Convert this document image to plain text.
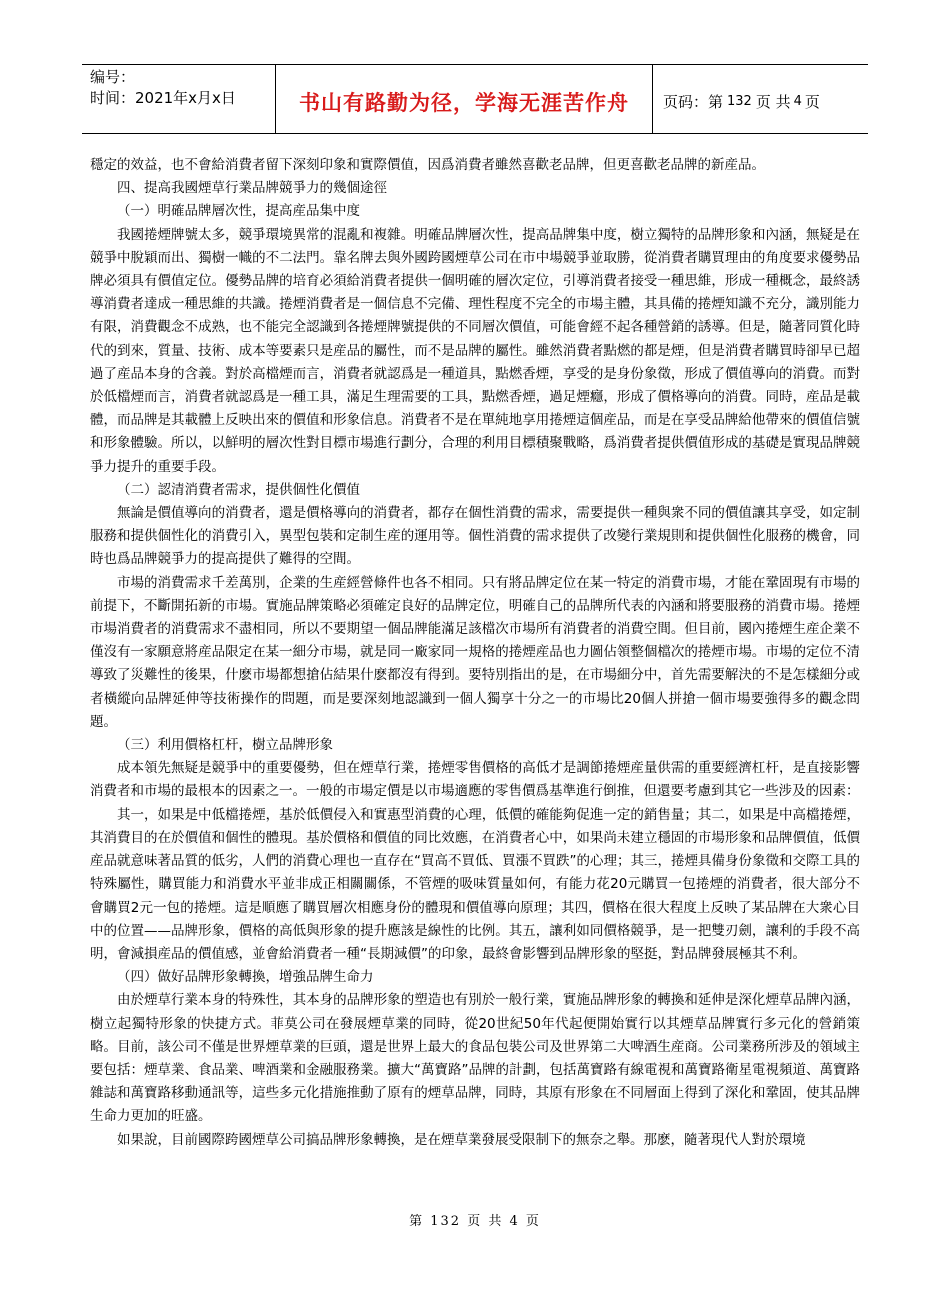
编号：
时间：2021年x月x日	书山有路勤为径，学海无涯苦作舟 页码：第 132 页 共 4 页

穩定的效益，也不會給消費者留下深刻印象和實際價值，因爲消費者雖然喜歡老品牌，但更喜歡老品牌的新産品。

四、提高我國煙草行業品牌競爭力的幾個途徑

（一）明確品牌層次性，提高産品集中度

我國捲煙牌號太多，競爭環境異常的混亂和複雜。明確品牌層次性，提高品牌集中度，樹立獨特的品牌形象和內涵，無疑是在競爭中脫穎而出、獨樹一幟的不二法門。靠名牌去與外國跨國煙草公司在市中場競爭並取勝，從消費者購買理由的角度要求優勢品牌必須具有價值定位。優勢品牌的培育必須給消費者提供一個明確的層次定位，引導消費者接受一種思維，形成一種概念，最終誘導消費者達成一種思維的共識。捲煙消費者是一個信息不完備、理性程度不完全的市場主體，其具備的捲煙知識不充分，識別能力有限，消費觀念不成熟，也不能完全認識到各捲煙牌號提供的不同層次價值，可能會經不起各種營銷的誘導。但是，隨著同質化時代的到來，質量、技術、成本等要素只是産品的屬性，而不是品牌的屬性。雖然消費者點燃的都是煙，但是消費者購買時卻早已超過了産品本身的含義。對於高檔煙而言，消費者就認爲是一種道具，點燃香煙，享受的是身份象徵，形成了價值導向的消費。而對於低檔煙而言，消費者就認爲是一種工具，滿足生理需要的工具，點燃香煙，過足煙癮，形成了價格導向的消費。同時，産品是載體，而品牌是其載體上反映出來的價值和形象信息。消費者不是在單純地享用捲煙這個産品，而是在享受品牌給他帶來的價值信號和形象體驗。所以，以鮮明的層次性對目標市場進行劃分，合理的利用目標積聚戰略，爲消費者提供價值形成的基礎是實現品牌競爭力提升的重要手段。

（二）認清消費者需求，提供個性化價值

無論是價值導向的消費者，還是價格導向的消費者，都存在個性消費的需求，需要提供一種與衆不同的價值讓其享受，如定制服務和提供個性化的消費引入，異型包裝和定制生産的運用等。個性消費的需求提供了改變行業規則和提供個性化服務的機會，同時也爲品牌競爭力的提高提供了難得的空間。

市場的消費需求千差萬別，企業的生産經營條件也各不相同。只有將品牌定位在某一特定的消費市場，才能在鞏固現有市場的前提下，不斷開拓新的市場。實施品牌策略必須確定良好的品牌定位，明確自己的品牌所代表的內涵和將要服務的消費市場。捲煙市場消費者的消費需求不盡相同，所以不要期望一個品牌能滿足該檔次市場所有消費者的消費空間。但目前，國內捲煙生産企業不僅沒有一家願意將産品限定在某一細分市場，就是同一廠家同一規格的捲煙産品也力圖佔領整個檔次的捲煙市場。市場的定位不清導致了災難性的後果，什麽市場都想搶佔結果什麽都沒有得到。要特別指出的是，在市場細分中，首先需要解決的不是怎樣細分或者橫縱向品牌延伸等技術操作的問題，而是要深刻地認識到一個人獨享十分之一的市場比20個人拼搶一個市場要強得多的觀念問題。

（三）利用價格杠杆，樹立品牌形象

成本領先無疑是競爭中的重要優勢，但在煙草行業，捲煙零售價格的高低才是調節捲煙産量供需的重要經濟杠杆，是直接影響消費者和市場的最根本的因素之一。一般的市場定價是以市場適應的零售價爲基準進行倒推，但還要考慮到其它一些涉及的因素：

其一，如果是中低檔捲煙，基於低價侵入和實惠型消費的心理，低價的確能夠促進一定的銷售量；其二，如果是中高檔捲煙，其消費目的在於價值和個性的體現。基於價格和價值的同比效應，在消費者心中，如果尚未建立穩固的市場形象和品牌價值，低價産品就意味著品質的低劣，人們的消費心理也一直存在“買高不買低、買漲不買跌”的心理；其三，捲煙具備身份象徵和交際工具的特殊屬性，購買能力和消費水平並非成正相關關係，不管煙的吸味質量如何，有能力花20元購買一包捲煙的消費者，很大部分不會購買2元一包的捲煙。這是順應了購買層次相應身份的體現和價值導向原理；其四，價格在很大程度上反映了某品牌在大衆心目中的位置——品牌形象，價格的高低與形象的提升應該是線性的比例。其五，讓利如同價格競爭，是一把雙刃劍，讓利的手段不高明，會減損産品的價值感，並會給消費者一種“長期減價”的印象，最終會影響到品牌形象的堅挺，對品牌發展極其不利。

（四）做好品牌形象轉換，增強品牌生命力

由於煙草行業本身的特殊性，其本身的品牌形象的塑造也有別於一般行業，實施品牌形象的轉換和延伸是深化煙草品牌內涵，樹立起獨特形象的快捷方式。菲莫公司在發展煙草業的同時，從20世紀50年代起便開始實行以其煙草品牌實行多元化的營銷策略。目前，該公司不僅是世界煙草業的巨頭，還是世界上最大的食品包裝公司及世界第二大啤酒生産商。公司業務所涉及的領域主要包括：煙草業、食品業、啤酒業和金融服務業。擴大“萬寶路”品牌的計劃，包括萬寶路有線電視和萬寶路衛星電視頻道、萬寶路雜誌和萬寶路移動通訊等，這些多元化措施推動了原有的煙草品牌，同時，其原有形象在不同層面上得到了深化和鞏固，使其品牌生命力更加的旺盛。

如果說，目前國際跨國煙草公司搞品牌形象轉換，是在煙草業發展受限制下的無奈之舉。那麽，隨著現代人對於環境

第 132 页 共 4 页
